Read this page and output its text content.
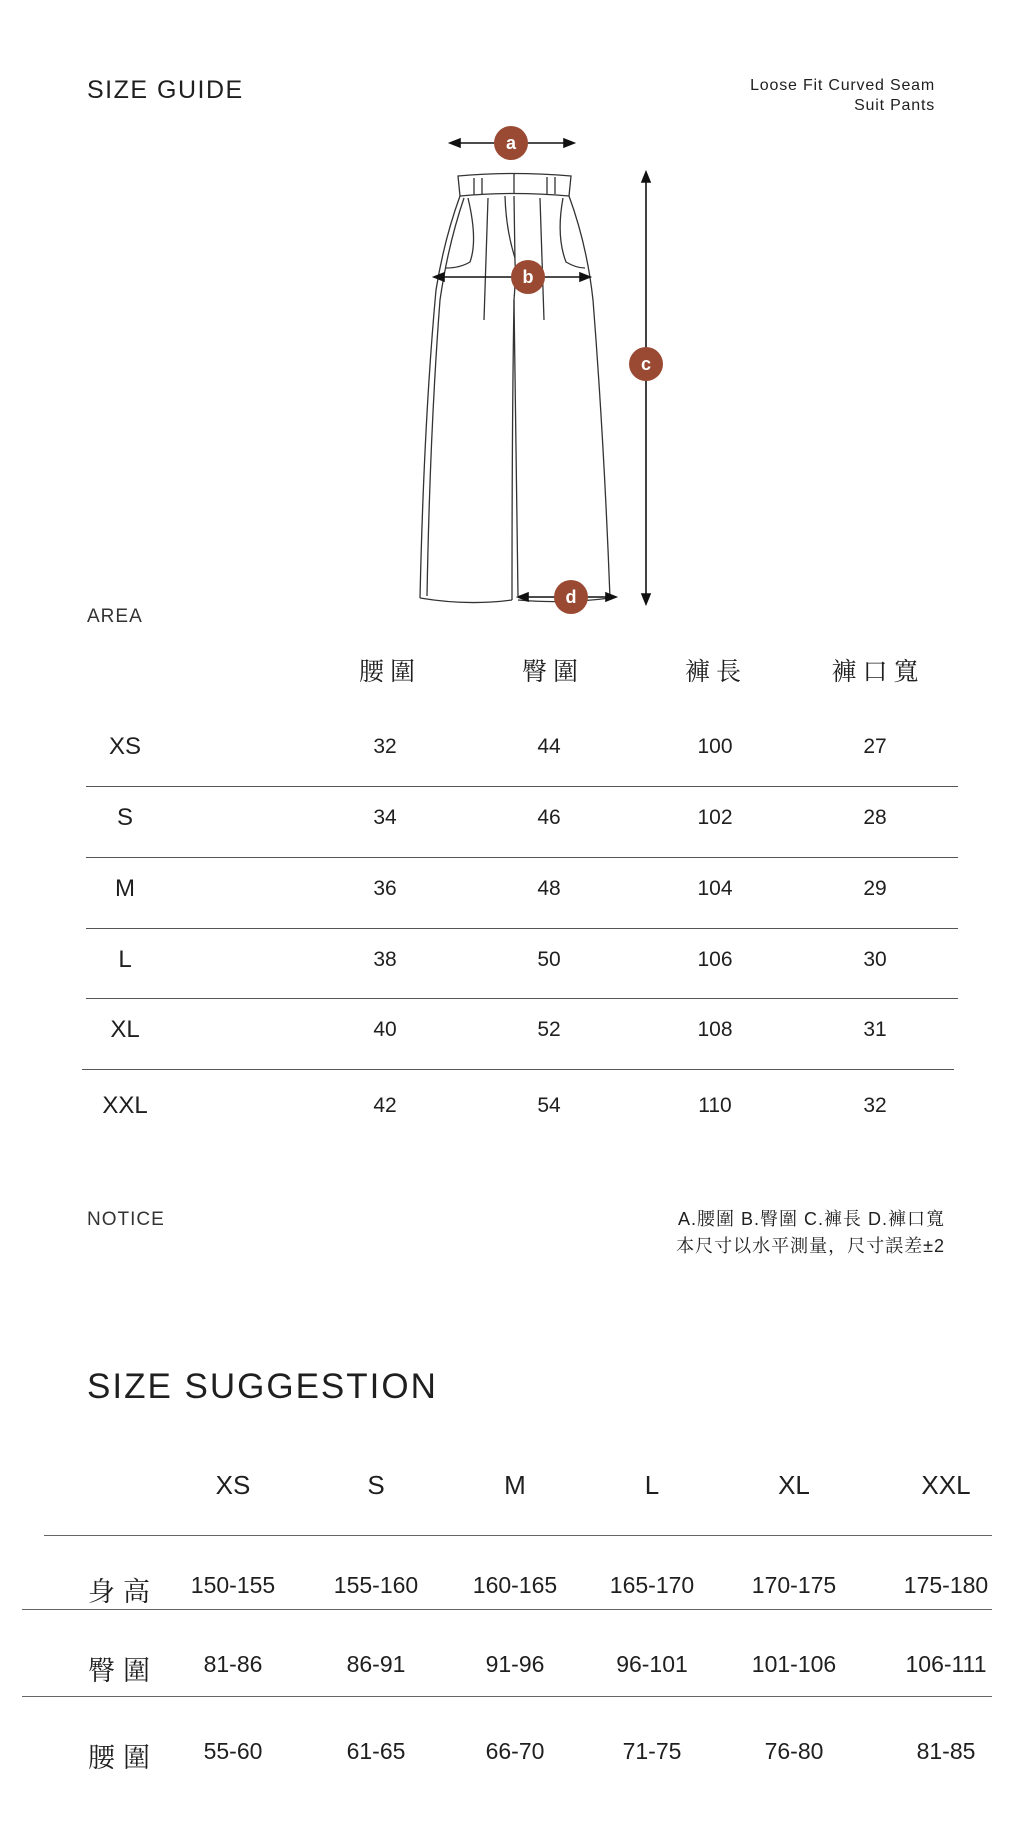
SIZE GUIDE	Loose Fit Curved Seam
Suit Pants
a
b
c
d
AREA
腰圍	臀圍	褲長	褲口寬
XS	32	44	100	27
S	34	46	102	28
M	36	48	104	29
L	38	50	106	30
XL	40	52	108	31
XXL	42	54	110	32
NOTICE	A.腰圍 B.臀圍 C.褲長 D.褲口寬
本尺寸以水平測量，尺寸誤差±2
SIZE SUGGESTION
XS	S	M	L	XL	XXL
身高	150-155	155-160	160-165	165-170	170-175	175-180
臀圍	81-86	86-91	91-96	96-101	101-106	106-111
腰圍	55-60	61-65	66-70	71-75	76-80	81-85
